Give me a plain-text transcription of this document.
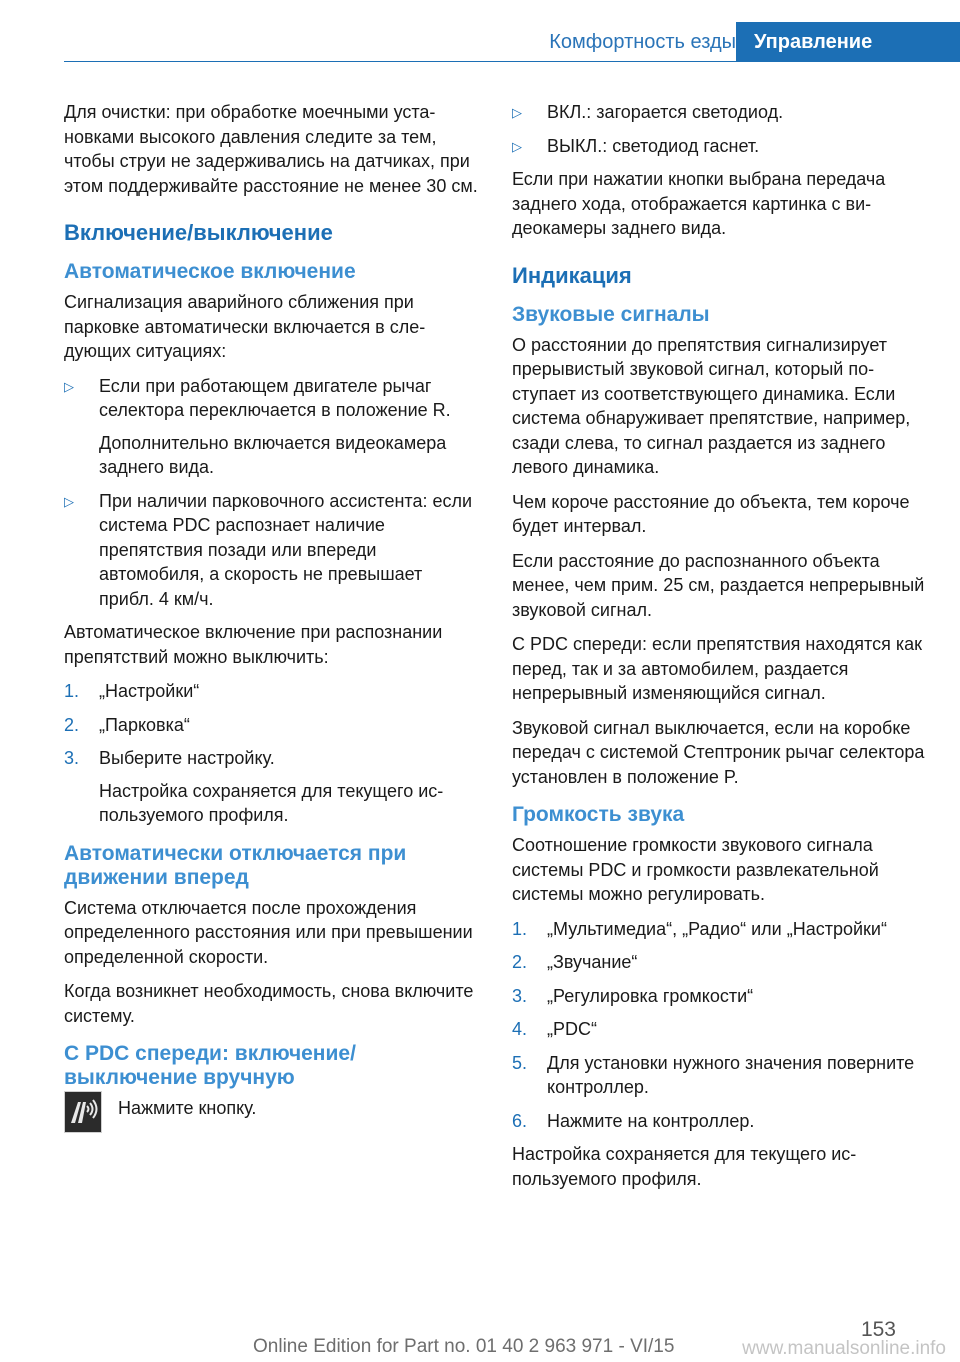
Комфортность езды Управление

Для очистки: при обработке моечными установками высокого давления следите за тем, чтобы струи не задерживались на датчиках, при этом поддерживайте расстояние не менее 30 см.

Включение/выключение
Автоматическое включение

Сигнализация аварийного сближения при парковке автоматически включается в следующих ситуациях:

▷ Если при работающем двигателе рычаг селектора переключается в положение R.

Дополнительно включается видеокамера заднего вида.

▷ При наличии парковочного ассистента: если система PDC распознает наличие препятствия позади или впереди автомобиля, а скорость не превышает прибл. 4 км/ч.

Автоматическое включение при распознании препятствий можно выключить:

1. „Настройки“
2. „Парковка“
3. Выберите настройку.

Настройка сохраняется для текущего используемого профиля.

Автоматически отключается при движении вперед

Система отключается после прохождения определенного расстояния или при превышении определенной скорости.

Когда возникнет необходимость, снова включите систему.

С PDC спереди: включение/ выключение вручную
Нажмите кнопку.
▷ ВКЛ.: загорается светодиод.
▷ ВЫКЛ.: светодиод гаснет.

Если при нажатии кнопки выбрана передача заднего хода, отображается картинка с видеокамеры заднего вида.

Индикация
Звуковые сигналы

О расстоянии до препятствия сигнализирует прерывистый звуковой сигнал, который поступает из соответствующего динамика. Если система обнаруживает препятствие, например, сзади слева, то сигнал раздается из заднего левого динамика.

Чем короче расстояние до объекта, тем короче будет интервал.

Если расстояние до распознанного объекта менее, чем прим. 25 см, раздается непрерывный звуковой сигнал.

С PDC спереди: если препятствия находятся как перед, так и за автомобилем, раздается непрерывный изменяющийся сигнал.

Звуковой сигнал выключается, если на коробке передач с системой Стептроник рычаг селектора установлен в положение P.

Громкость звука

Соотношение громкости звукового сигнала системы PDC и громкости развлекательной системы можно регулировать.

1. „Мультимедиа“, „Радио“ или „Настройки“
2. „Звучание“
3. „Регулировка громкости“
4. „PDC“
5. Для установки нужного значения поверните контроллер.
6. Нажмите на контроллер.

Настройка сохраняется для текущего используемого профиля.

153
Online Edition for Part no. 01 40 2 963 971 - VI/15	www.manualsonline.info
